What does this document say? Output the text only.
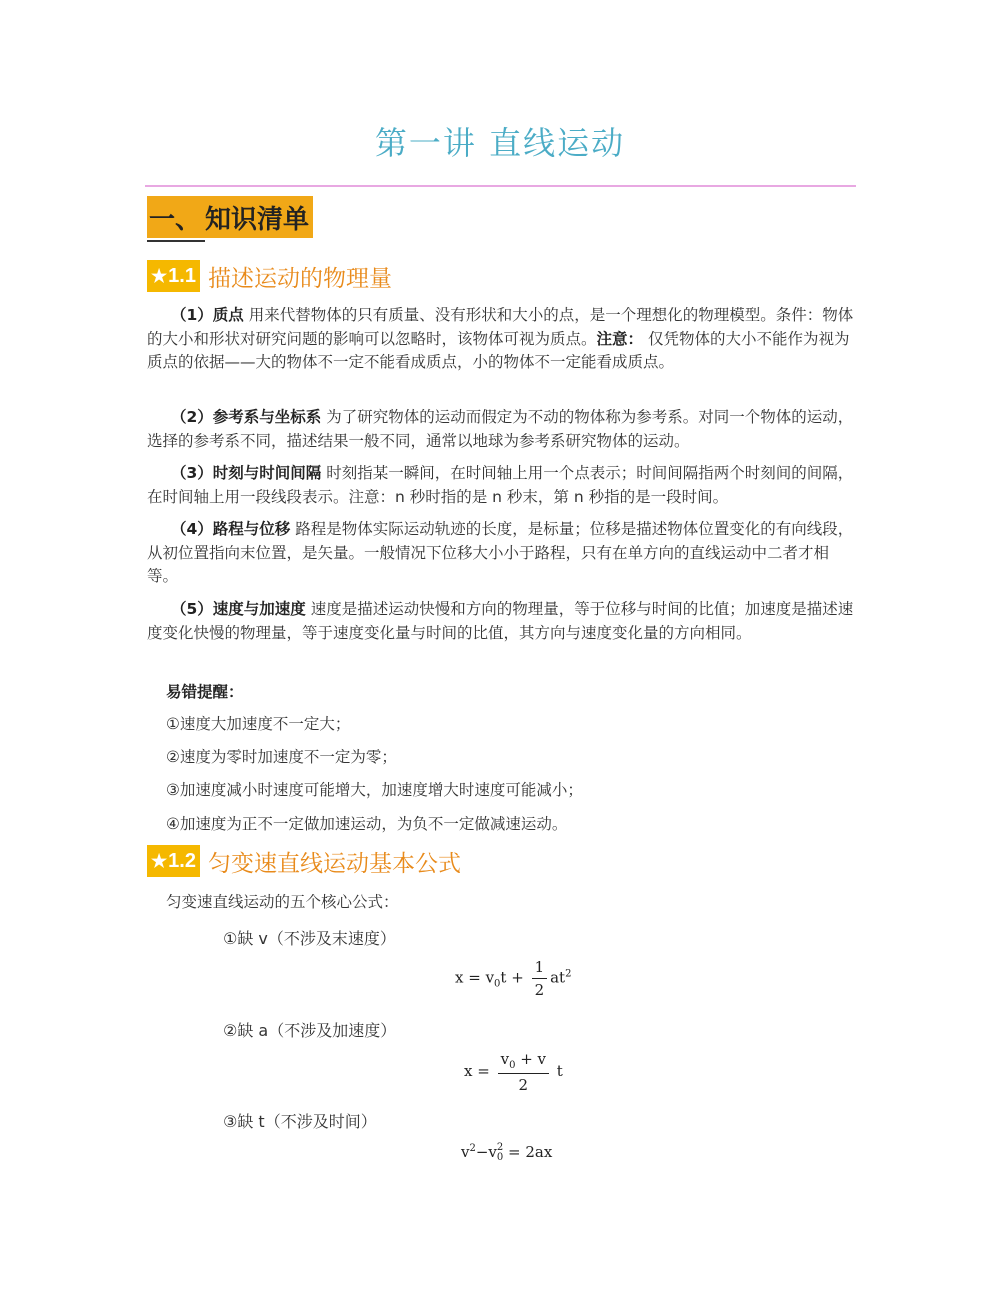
第一讲 直线运动
一、 知识清单
★ 1.1 描述运动的物理量
（1）质点 用来代替物体的只有质量、没有形状和大小的点，是一个理想化的物理模型。条件：物体的大小和形状对研究问题的影响可以忽略时，该物体可视为质点。注意： 仅凭物体的大小不能作为视为质点的依据——大的物体不一定不能看成质点，小的物体不一定能看成质点。
（2）参考系与坐标系 为了研究物体的运动而假定为不动的物体称为参考系。对同一个物体的运动，选择的参考系不同，描述结果一般不同，通常以地球为参考系研究物体的运动。
（3）时刻与时间间隔 时刻指某一瞬间，在时间轴上用一个点表示；时间间隔指两个时刻间的间隔，在时间轴上用一段线段表示。注意：n 秒时指的是 n 秒末，第 n 秒指的是一段时间。
（4）路程与位移 路程是物体实际运动轨迹的长度，是标量；位移是描述物体位置变化的有向线段，从初位置指向末位置，是矢量。一般情况下位移大小小于路程，只有在单方向的直线运动中二者才相等。
（5）速度与加速度 速度是描述运动快慢和方向的物理量，等于位移与时间的比值；加速度是描述速度变化快慢的物理量，等于速度变化量与时间的比值，其方向与速度变化量的方向相同。
易错提醒：
①速度大加速度不一定大；
②速度为零时加速度不一定为零；
③加速度减小时速度可能增大，加速度增大时速度可能减小；
④加速度为正不一定做加速运动，为负不一定做减速运动。
★ 1.2 匀变速直线运动基本公式
匀变速直线运动的五个核心公式：
①缺 v（不涉及末速度）
$x = v_0t + \frac{1}{2} at^2$
②缺 a（不涉及加速度）
$x = \frac{v_0 + v}{2}$ t
③缺 t（不涉及时间）
$v^2-v$ 2
0 = 2ax
